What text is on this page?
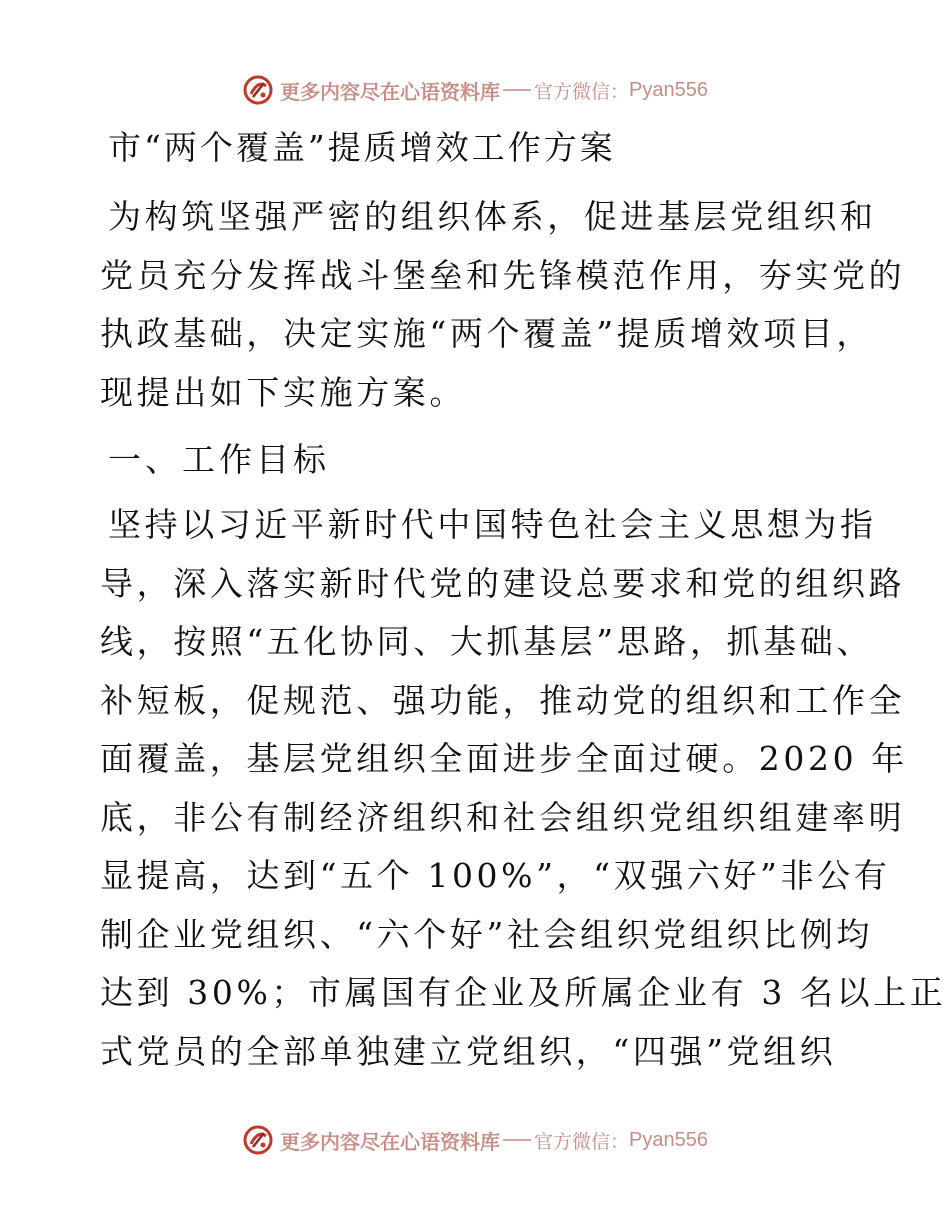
更多内容尽在心语资料库 官方微信 ： Pyan556
市“两个覆盖”提质增效工作方案

为构筑坚强严密的组织体系，促进基层党组织和
党员充分发挥战斗堡垒和先锋模范作用，夯实党的
执政基础，决定实施“两个覆盖”提质增效项目，
现提出如下实施方案。

一、工作目标

坚持以习近平新时代中国特色社会主义思想为指
导，深入落实新时代党的建设总要求和党的组织路
线，按照“五化协同、大抓基层”思路，抓基础、
补短板，促规范、强功能，推动党的组织和工作全
面覆盖，基层党组织全面进步全面过硬。2020 年
底，非公有制经济组织和社会组织党组织组建率明
显提高，达到“五个 100%”，“双强六好”非公有
制企业党组织、“六个好”社会组织党组织比例均
达到 30%；市属国有企业及所属企业有 3 名以上正
式党员的全部单独建立党组织，“四强”党组织

更多内容尽在心语资料库 官方微信 ： Pyan556
